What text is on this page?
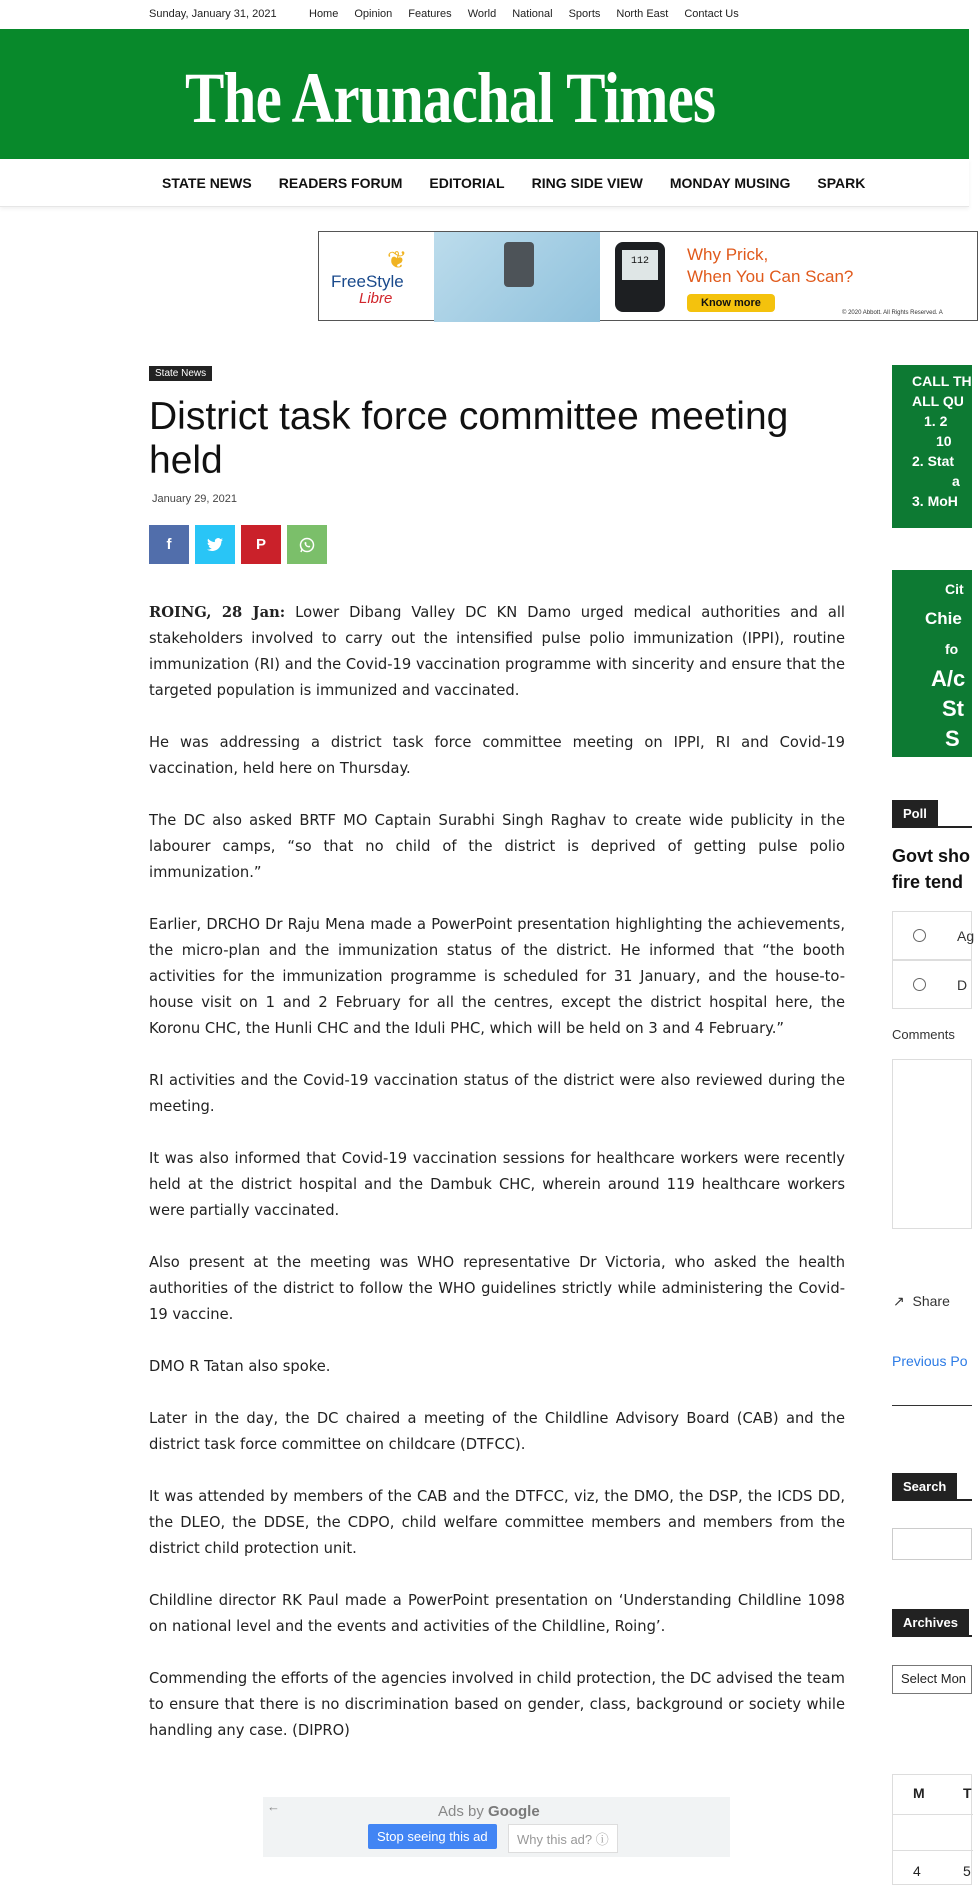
Sunday, January 31, 2021	Home Opinion Features World National Sports North East Contact Us
The Arunachal Times
STATE NEWS READERS FORUM EDITORIAL RING SIDE VIEW MONDAY MUSING SPARK
❦
FreeStyle
Libre
112	Why Prick,
When You Can Scan?
Know more
© 2020 Abbott. All Rights Reserved. A
State News
District task force committee meeting held
January 29, 2021
f	P

ROING, 28 Jan: Lower Dibang Valley DC KN Damo urged medical authorities and all stakeholders involved to carry out the intensified pulse polio immunization (IPPI), routine immunization (RI) and the Covid-19 vaccination programme with sincerity and ensure that the targeted population is immunized and vaccinated.

He was addressing a district task force committee meeting on IPPI, RI and Covid-19 vaccination, held here on Thursday.

The DC also asked BRTF MO Captain Surabhi Singh Raghav to create wide publicity in the labourer camps, “so that no child of the district is deprived of getting pulse polio immunization.”

Earlier, DRCHO Dr Raju Mena made a PowerPoint presentation highlighting the achievements, the micro-plan and the immunization status of the district. He informed that “the booth activities for the immunization programme is scheduled for 31 January, and the house-to-house visit on 1 and 2 February for all the centres, except the district hospital here, the Koronu CHC, the Hunli CHC and the Iduli PHC, which will be held on 3 and 4 February.”

RI activities and the Covid-19 vaccination status of the district were also reviewed during the meeting.

It was also informed that Covid-19 vaccination sessions for healthcare workers were recently held at the district hospital and the Dambuk CHC, wherein around 119 healthcare workers were partially vaccinated.

Also present at the meeting was WHO representative Dr Victoria, who asked the health authorities of the district to follow the WHO guidelines strictly while administering the Covid-19 vaccine.

DMO R Tatan also spoke.

Later in the day, the DC chaired a meeting of the Childline Advisory Board (CAB) and the district task force committee on childcare (DTFCC).

It was attended by members of the CAB and the DTFCC, viz, the DMO, the DSP, the ICDS DD, the DLEO, the DDSE, the CDPO, child welfare committee members and members from the district child protection unit.

Childline director RK Paul made a PowerPoint presentation on ‘Understanding Childline 1098 on national level and the events and activities of the Childline, Roing’.

Commending the efforts of the agencies involved in child protection, the DC advised the team to ensure that there is no discrimination based on gender, class, background or society while handling any case. (DIPRO)

←	Ads by Google
Stop seeing this ad	Why this ad? ⓘ
CALL TH
ALL QU
1. 2
10
2. Stat
a
3. MoH
Cit
Chie
fo
A/c
St
S
Poll
Govt sho
fire tend
Ag
D
Comments
↗ Share
Previous Po
Search
Archives
Select Mon
M	T
4	5
